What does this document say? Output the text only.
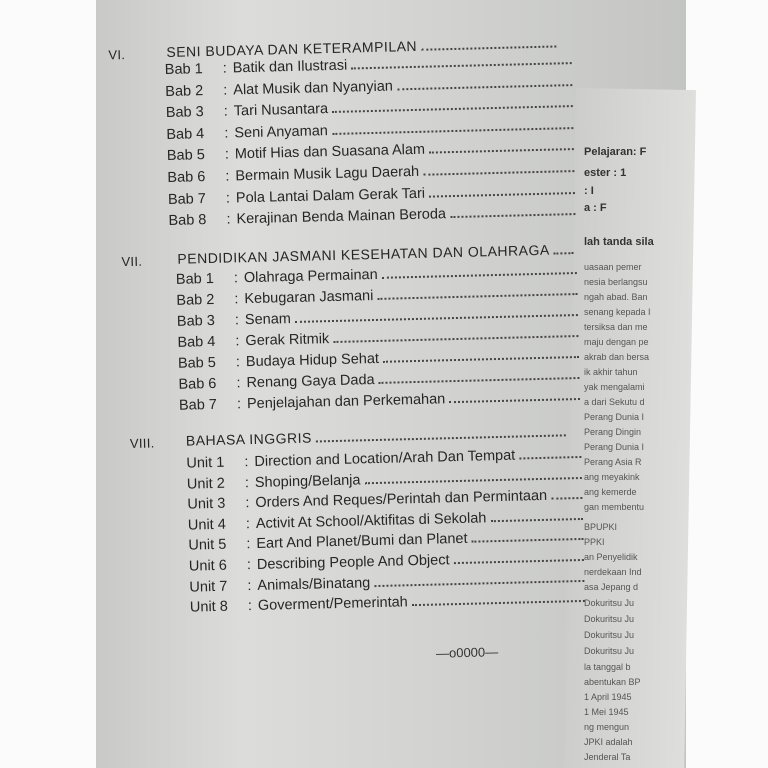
Pelajaran: F
ester : 1
: I
a : F
lah tanda sila
uasaan pemer
nesia berlangsu
ngah abad. Ban
senang kepada I
tersiksa dan me
maju dengan pe
akrab dan bersa
ik akhir tahun
yak mengalami
a dari Sekutu d
Perang Dunia I
Perang Dingin
Perang Dunia I
Perang Asia R
ang meyakink
ang kemerde
gan membentu
BPUPKI
PPKI
an Penyelidik
nerdekaan Ind
asa Jepang d
Dokuritsu Ju
Dokuritsu Ju
Dokuritsu Ju
Dokuritsu Ju
la tanggal b
abentukan BP
1 April 1945
1 Mei 1945
ng mengun
JPKI adalah
Jenderal Ta
VI.	SENI BUDAYA DAN KETERAMPILAN
Bab 1	: Batik dan Ilustrasi
Bab 2	: Alat Musik dan Nyanyian
Bab 3	: Tari Nusantara
Bab 4	: Seni Anyaman
Bab 5	: Motif Hias dan Suasana Alam
Bab 6	: Bermain Musik Lagu Daerah
Bab 7	: Pola Lantai Dalam Gerak Tari
Bab 8	: Kerajinan Benda Mainan Beroda
VII. PENDIDIKAN JASMANI KESEHATAN DAN OLAHRAGA
Bab 1	: Olahraga Permainan
Bab 2	: Kebugaran Jasmani
Bab 3	: Senam
Bab 4	: Gerak Ritmik
Bab 5	: Budaya Hidup Sehat
Bab 6	: Renang Gaya Dada
Bab 7	: Penjelajahan dan Perkemahan
VIII. BAHASA INGGRIS
Unit 1	: Direction and Location/Arah Dan Tempat
Unit 2	: Shoping/Belanja
Unit 3	: Orders And Reques/Perintah dan Permintaan
Unit 4	: Activit At School/Aktifitas di Sekolah
Unit 5	: Eart And Planet/Bumi dan Planet
Unit 6	: Describing People And Object
Unit 7	: Animals/Binatang
Unit 8	: Goverment/Pemerintah
—o0000—
